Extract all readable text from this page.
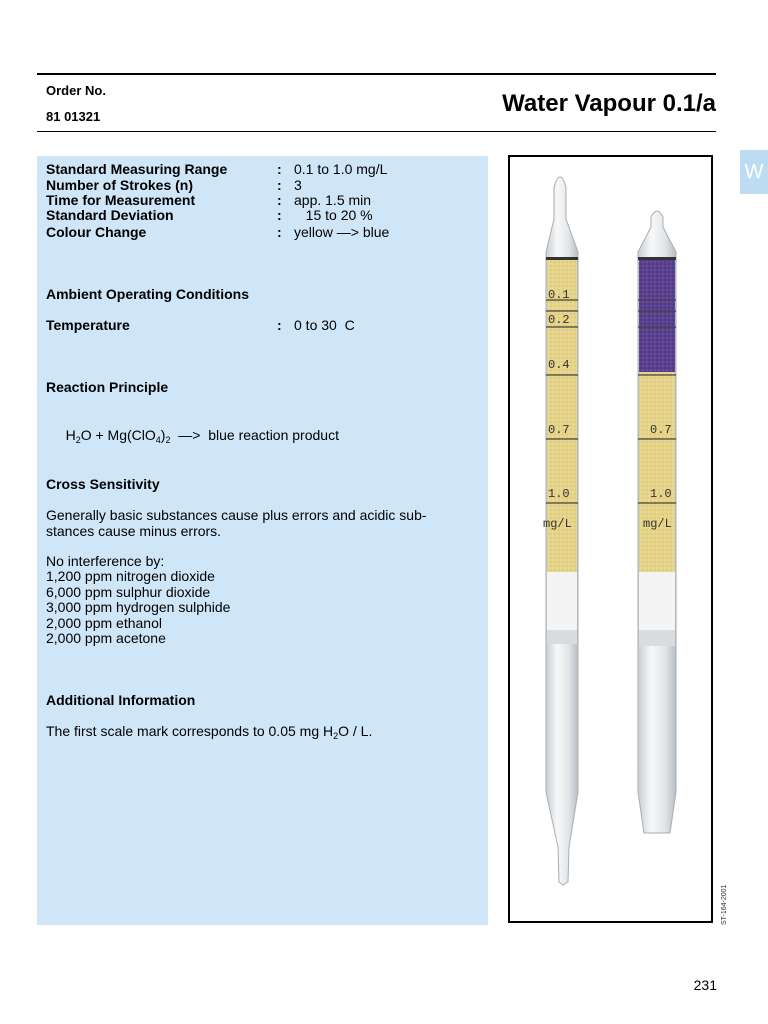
Order No.
81 01321	Water Vapour 0.1/a
Standard Measuring Range	: 0.1 to 1.0 mg/L
Number of Strokes (n)	: 3
Time for Measurement	: app. 1.5 min
Standard Deviation	: 15 to 20 %
Colour Change	: yellow —> blue
Ambient Operating Conditions
Temperature	: 0 to 30  C
Reaction Principle

$H_2O + Mg(ClO_4)_2$  —>  blue reaction product

Cross Sensitivity
Generally basic substances cause plus errors and acidic sub-stances cause minus errors.
No interference by:
1,200 ppm nitrogen dioxide
6,000 ppm sulphur dioxide
3,000 ppm hydrogen sulphide
2,000 ppm ethanol
2,000 ppm acetone
Additional Information
The first scale mark corresponds to 0.05 mg $H_2O$ / L.
0.1
0.2
0.4
0.7
1.0
mg/L
0.7
1.0
mg/L
W
ST-164-2001
231
